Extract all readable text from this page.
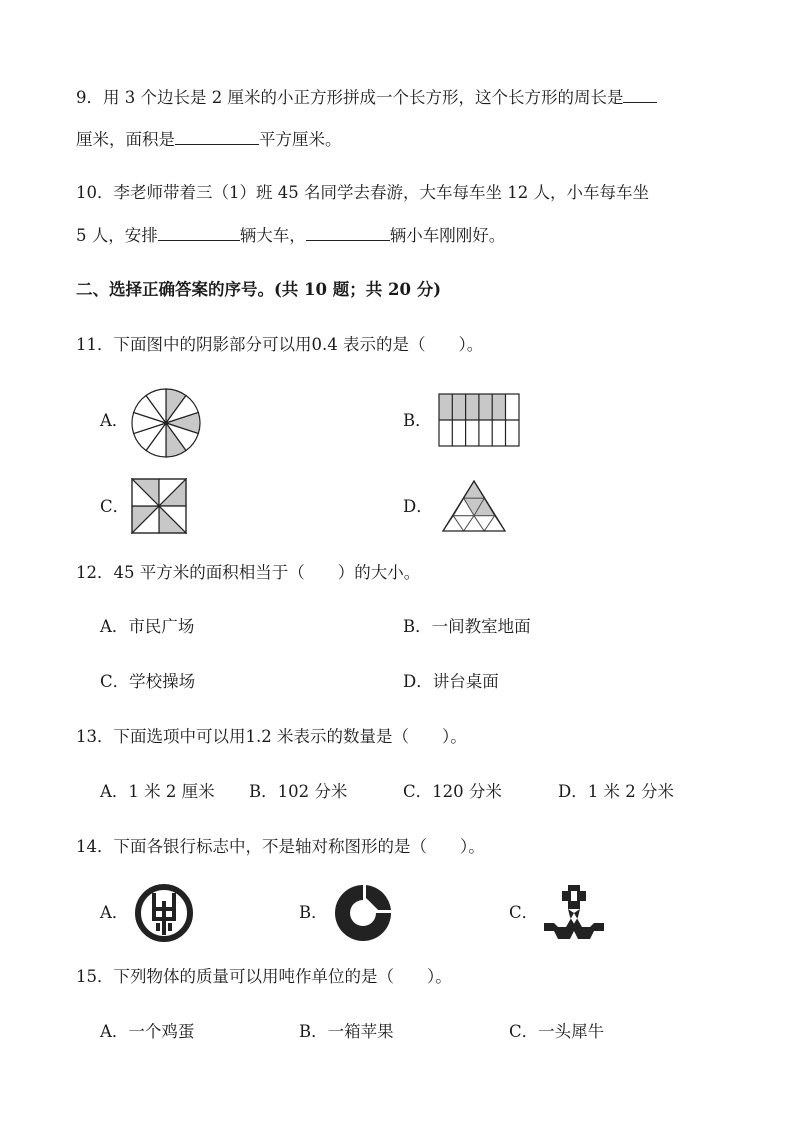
9．用 3 个边长是 2 厘米的小正方形拼成一个长方形，这个长方形的周长是
厘米，面积是	平方厘米。
10．李老师带着三（1）班 45 名同学去春游，大车每车坐 12 人，小车每车坐
5 人，安排	辆大车，	辆小车刚刚好。
二、选择正确答案的序号。(共 10 题；共 20 分)
11．下面图中的阴影部分可以用0.4 表示的是（　　）。
A．	B．
C．	D．
12．45 平方米的面积相当于（　　）的大小。
A．市民广场	B．一间教室地面
C．学校操场	D．讲台桌面
13．下面选项中可以用1.2 米表示的数量是（　　）。
A．1 米 2 厘米 B．102 分米	C．120 分米	D．1 米 2 分米
14．下面各银行标志中，不是轴对称图形的是（　　）。
A．	B．	C．
15．下列物体的质量可以用吨作单位的是（　　）。
A．一个鸡蛋	B．一箱苹果	C．一头犀牛
